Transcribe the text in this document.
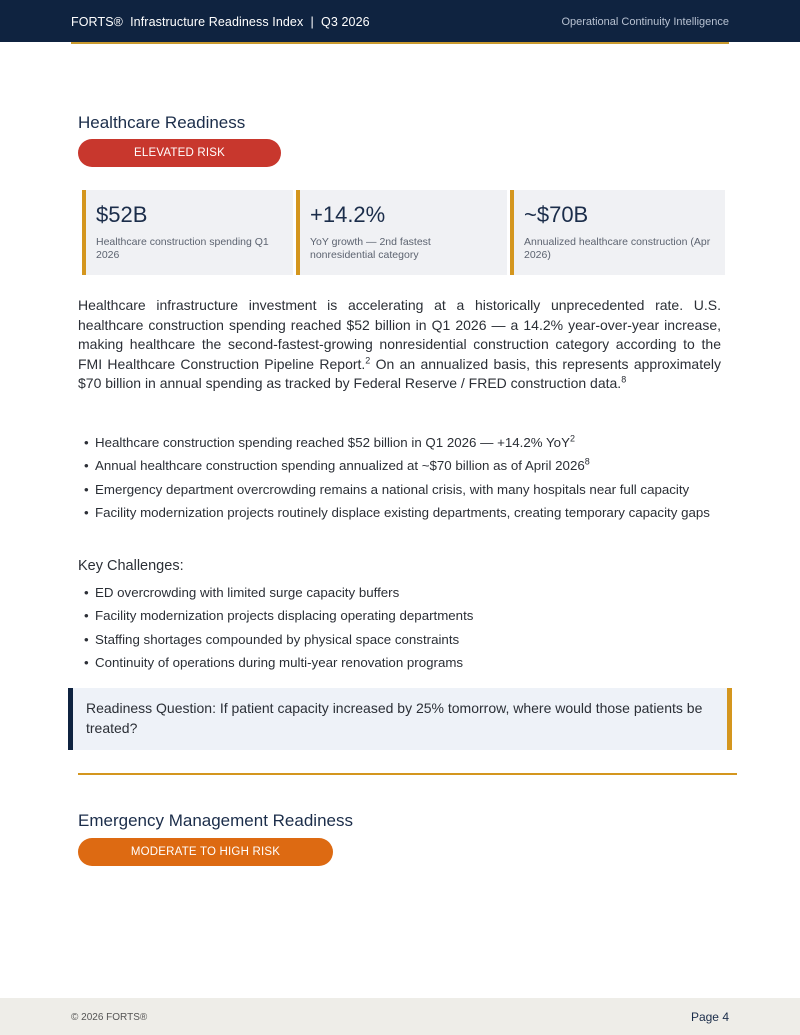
FORTS® Infrastructure Readiness Index | Q3 2026	Operational Continuity Intelligence
Healthcare Readiness
ELEVATED RISK
$52B
Healthcare construction spending Q1 2026
+14.2%
YoY growth — 2nd fastest nonresidential category
~$70B
Annualized healthcare construction (Apr 2026)
Healthcare infrastructure investment is accelerating at a historically unprecedented rate. U.S. healthcare construction spending reached $52 billion in Q1 2026 — a 14.2% year-over-year increase, making healthcare the second-fastest-growing nonresidential construction category according to the FMI Healthcare Construction Pipeline Report.$^2$ On an annualized basis, this represents approximately $70 billion in annual spending as tracked by Federal Reserve / FRED construction data.$^8$
• Healthcare construction spending reached $52 billion in Q1 2026 — +14.2% YoY$^2$
• Annual healthcare construction spending annualized at ~$70 billion as of April 2026$^8$
• Emergency department overcrowding remains a national crisis, with many hospitals near full capacity
• Facility modernization projects routinely displace existing departments, creating temporary capacity gaps
Key Challenges:
• ED overcrowding with limited surge capacity buffers
• Facility modernization projects displacing operating departments
• Staffing shortages compounded by physical space constraints
• Continuity of operations during multi-year renovation programs
Readiness Question: If patient capacity increased by 25% tomorrow, where would those patients be treated?
Emergency Management Readiness
MODERATE TO HIGH RISK
© 2026 FORTS®	Page 4
